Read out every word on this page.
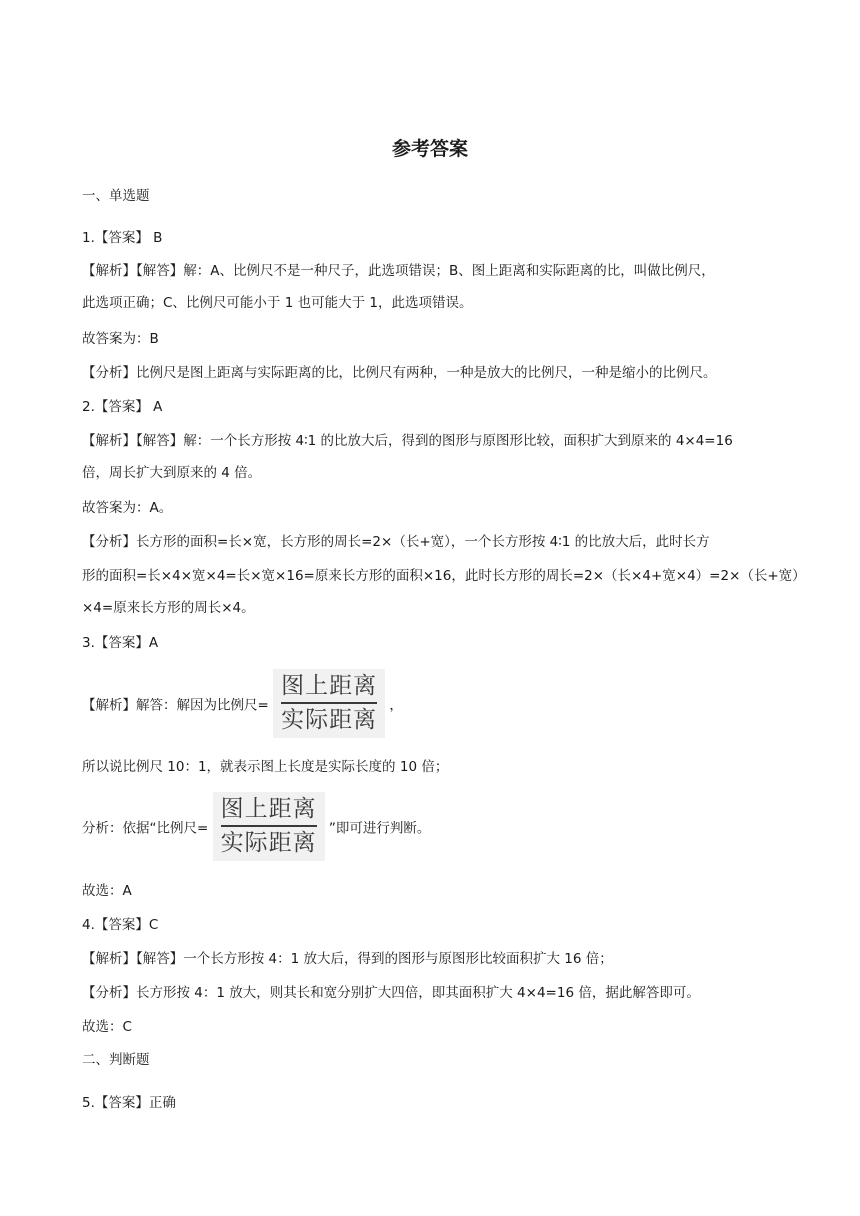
参考答案
一、单选题
1.【答案】 B
【解析】【解答】解：A、比例尺不是一种尺子，此选项错误；B、图上距离和实际距离的比，叫做比例尺，
此选项正确；C、比例尺可能小于 1 也可能大于 1，此选项错误。
故答案为：B
【分析】比例尺是图上距离与实际距离的比，比例尺有两种，一种是放大的比例尺，一种是缩小的比例尺。
2.【答案】 A
【解析】【解答】解：一个长方形按 4∶1 的比放大后，得到的图形与原图形比较，面积扩大到原来的 4×4=16
倍，周长扩大到原来的 4 倍。
故答案为：A。
【分析】长方形的面积=长×宽，长方形的周长=2×（长+宽），一个长方形按 4∶1 的比放大后，此时长方
形的面积=长×4×宽×4=长×宽×16=原来长方形的面积×16，此时长方形的周长=2×（长×4+宽×4）=2×（长+宽）
×4=原来长方形的周长×4。
3.【答案】A
【解析】解答：解因为比例尺= $\frac{\text{图上距离}}{\text{实际距离}}$ ，
所以说比例尺 10：1，就表示图上长度是实际长度的 10 倍；
分析：依据“比例尺= $\frac{\text{图上距离}}{\text{实际距离}}$ ”即可进行判断。
故选：A
4.【答案】C
【解析】【解答】一个长方形按 4：1 放大后，得到的图形与原图形比较面积扩大 16 倍；
【分析】长方形按 4：1 放大，则其长和宽分别扩大四倍，即其面积扩大 4×4=16 倍，据此解答即可。
故选：C
二、判断题
5.【答案】正确
